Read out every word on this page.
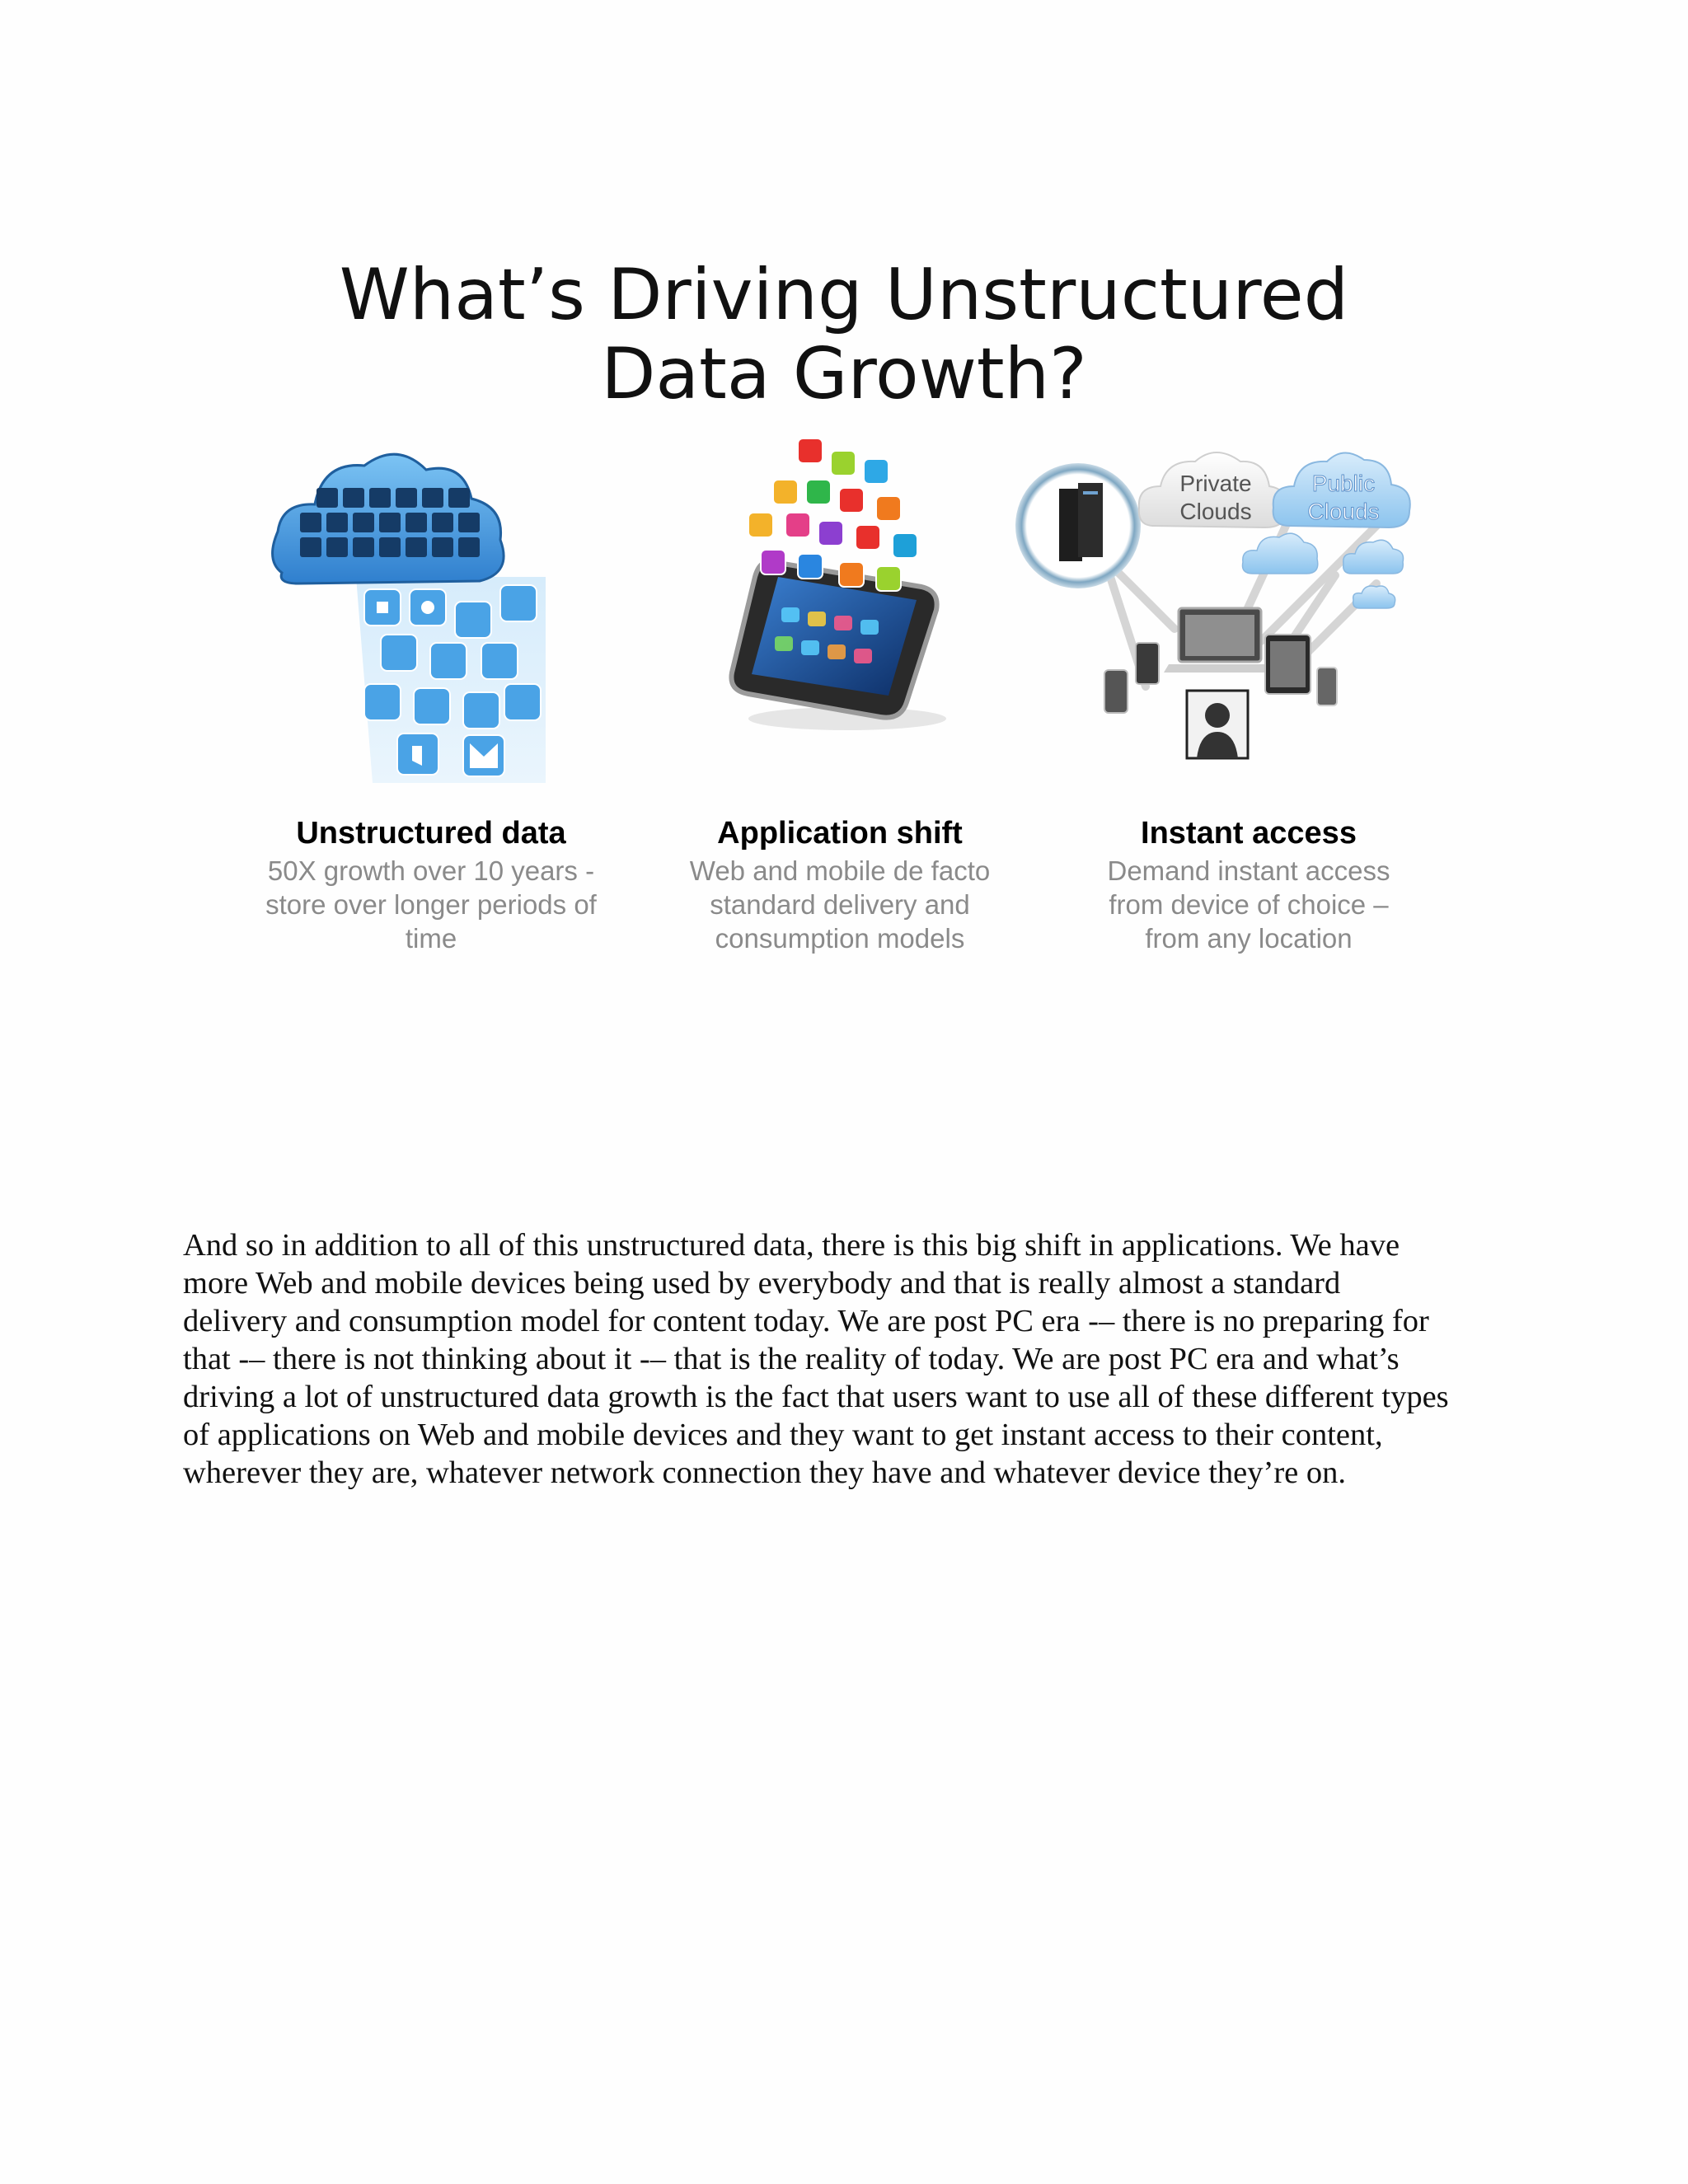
What’s Driving Unstructured
Data Growth?
Private
Clouds
Public
Clouds

Unstructured data

50X growth over 10 years -
store over longer periods of
time

Application shift

Web and mobile de facto
standard delivery and
consumption models

Instant access

Demand instant access
from device of choice –
from any location

And so in addition to all of this unstructured data, there is this big shift in applications. We have
more Web and mobile devices being used by everybody and that is really almost a standard
delivery and consumption model for content today. We are post PC era -– there is no preparing for
that -– there is not thinking about it -– that is the reality of today. We are post PC era and what’s
driving a lot of unstructured data growth is the fact that users want to use all of these different types
of applications on Web and mobile devices and they want to get instant access to their content,
wherever they are, whatever network connection they have and whatever device they’re on.
